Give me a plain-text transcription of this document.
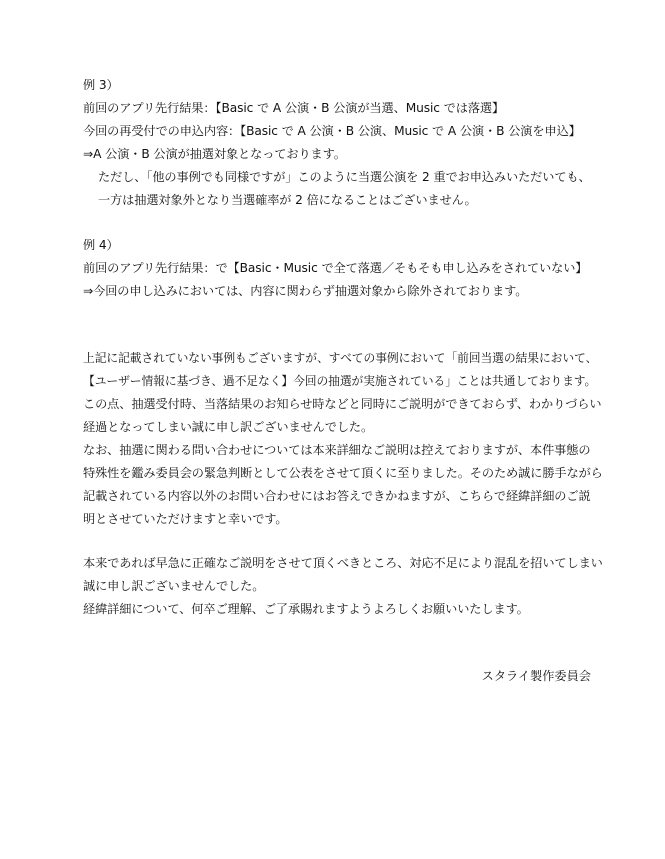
例 3）
前回のアプリ先行結果：【Basic で A 公演・B 公演が当選、Music では落選】
今回の再受付での申込内容：【Basic で A 公演・B 公演、Music で A 公演・B 公演を申込】
⇒A 公演・B 公演が抽選対象となっております。
ただし、「他の事例でも同様ですが」このように当選公演を 2 重でお申込みいただいても、
一方は抽選対象外となり当選確率が 2 倍になることはございません。
例 4）
前回のアプリ先行結果：で【Basic・Music で全て落選／そもそも申し込みをされていない】
⇒今回の申し込みにおいては、内容に関わらず抽選対象から除外されております。
上記に記載されていない事例もございますが、すべての事例において「前回当選の結果において、
【ユーザー情報に基づき、過不足なく】今回の抽選が実施されている」ことは共通しております。
この点、抽選受付時、当落結果のお知らせ時などと同時にご説明ができておらず、わかりづらい
経過となってしまい誠に申し訳ございませんでした。
なお、抽選に関わる問い合わせについては本来詳細なご説明は控えておりますが、本件事態の
特殊性を鑑み委員会の緊急判断として公表をさせて頂くに至りました。そのため誠に勝手ながら
記載されている内容以外のお問い合わせにはお答えできかねますが、こちらで経緯詳細のご説
明とさせていただけますと幸いです。
本来であれば早急に正確なご説明をさせて頂くべきところ、対応不足により混乱を招いてしまい
誠に申し訳ございませんでした。
経緯詳細について、何卒ご理解、ご了承賜れますようよろしくお願いいたします。
スタライ製作委員会
